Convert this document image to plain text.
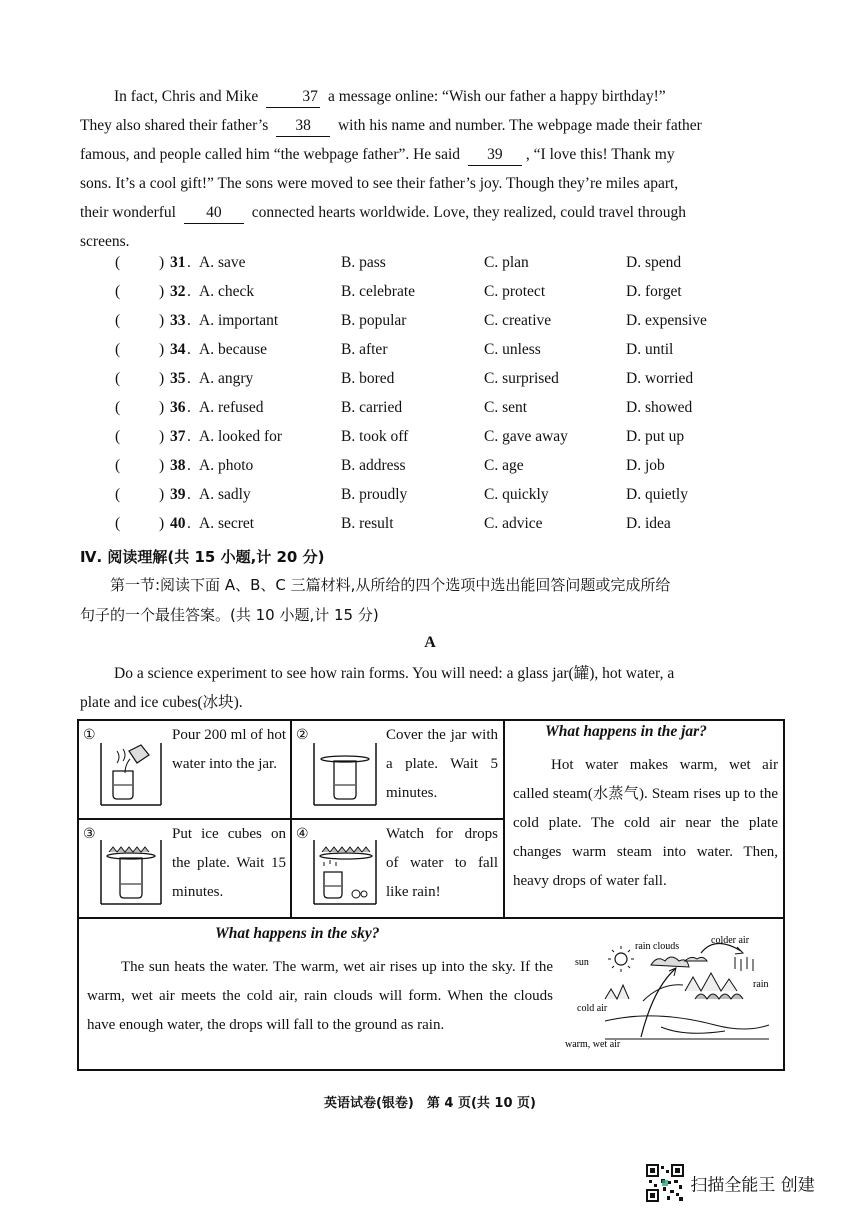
In fact, Chris and Mike	37 a message online: “Wish our father a happy birthday!”

They also shared their father’s 38 with his name and number. The webpage made their father

famous, and people called him “the webpage father”. He said 39 , “I love this! Thank my

sons. It’s a cool gift!” The sons were moved to see their father’s joy. Though they’re miles apart,

their wonderful 40 connected hearts worldwide. Love, they realized, could travel through

screens.

(	) 31 . A. save	B. pass	C. plan	D. spend
(	) 32 . A. check	B. celebrate	C. protect	D. forget
(	) 33 . A. important	B. popular	C. creative	D. expensive
(	) 34 . A. because	B. after	C. unless	D. until
(	) 35 . A. angry	B. bored	C. surprised	D. worried
(	) 36 . A. refused	B. carried	C. sent	D. showed
(	) 37 . A. looked for	B. took off	C. gave away	D. put up
(	) 38 . A. photo	B. address	C. age	D. job
(	) 39 . A. sadly	B. proudly	C. quickly	D. quietly
(	) 40 . A. secret	B. result	C. advice	D. idea
Ⅳ. 阅读理解(共 15 小题,计 20 分)
第一节:阅读下面 A、B、C 三篇材料,从所给的四个选项中选出能回答问题或完成所给
句子的一个最佳答案。(共 10 小题,计 15 分)
A

Do a science experiment to see how rain forms. You will need: a glass jar(罐), hot water, a

plate and ice cubes(冰块).

①	Pour 200 ml of hot water into the jar.
②	Cover the jar with a plate. Wait 5 minutes.
③	Put ice cubes on the plate. Wait 15 minutes.
④	Watch for drops of water to fall like rain!
What happens in the jar?
Hot water makes warm, wet air called steam(水蒸气). Steam rises up to the cold plate. The cold air near the plate changes warm steam into water. Then, heavy drops of water fall.
What happens in the sky?
The sun heats the water. The warm, wet air rises up into the sky. If the warm, wet air meets the cold air, rain clouds will form. When the clouds have enough water, the drops will fall to the ground as rain.
sun
rain clouds
colder air
rain
cold air
warm, wet air
英语试卷(银卷)　第 4 页(共 10 页)
扫描全能王 创建
